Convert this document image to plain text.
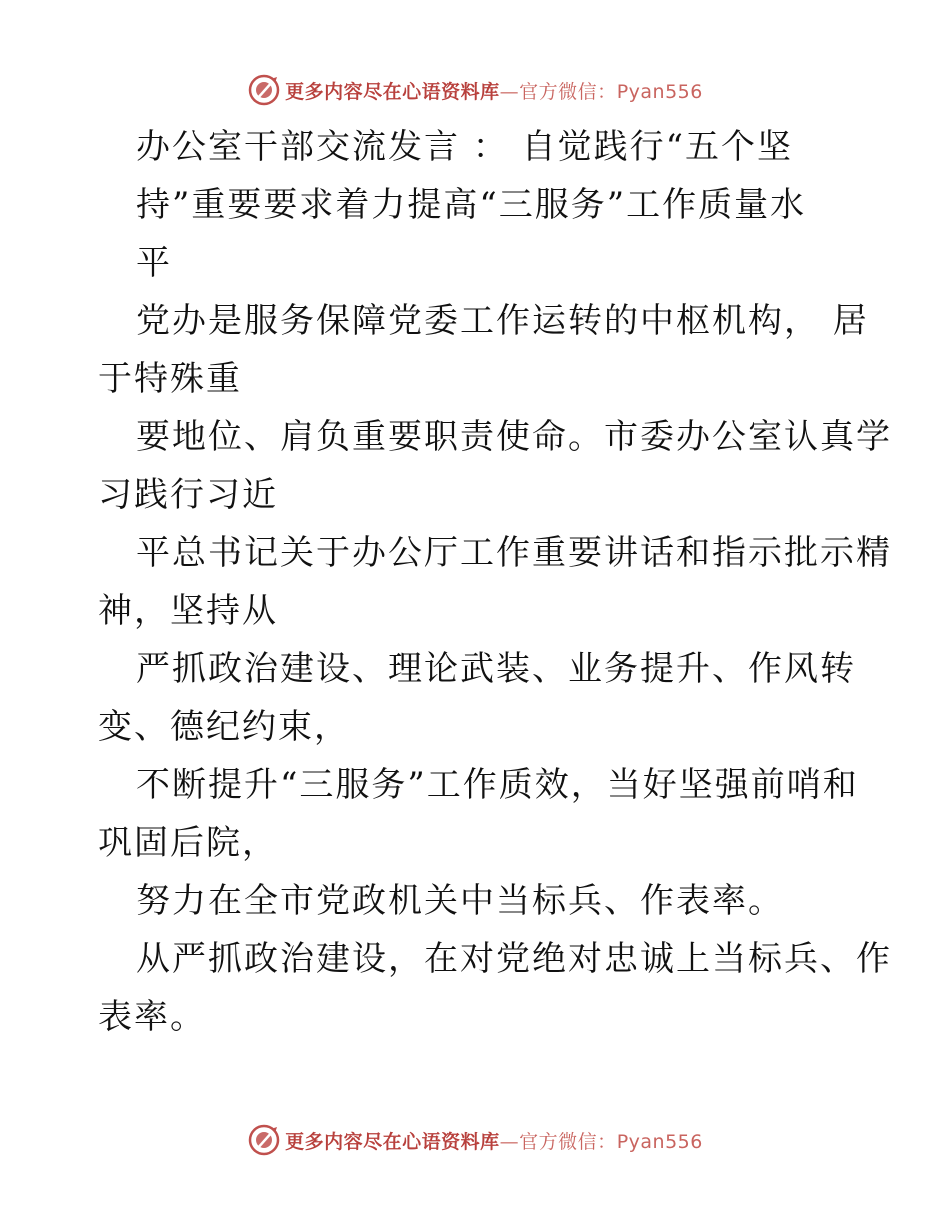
更多内容尽在心语资料库—官方微信：Pyan556
办公室干部交流发言 ： 自觉践行“五个坚
持”重要要求着力提高“三服务”工作质量水
平
党办是服务保障党委工作运转的中枢机构， 居
于特殊重
要地位、肩负重要职责使命。市委办公室认真学
习践行习近
平总书记关于办公厅工作重要讲话和指示批示精
神，坚持从
严抓政治建设、理论武装、业务提升、作风转
变、德纪约束，
不断提升“三服务”工作质效，当好坚强前哨和
巩固后院，
努力在全市党政机关中当标兵、作表率。
从严抓政治建设，在对党绝对忠诚上当标兵、作
表率。
更多内容尽在心语资料库—官方微信：Pyan556
